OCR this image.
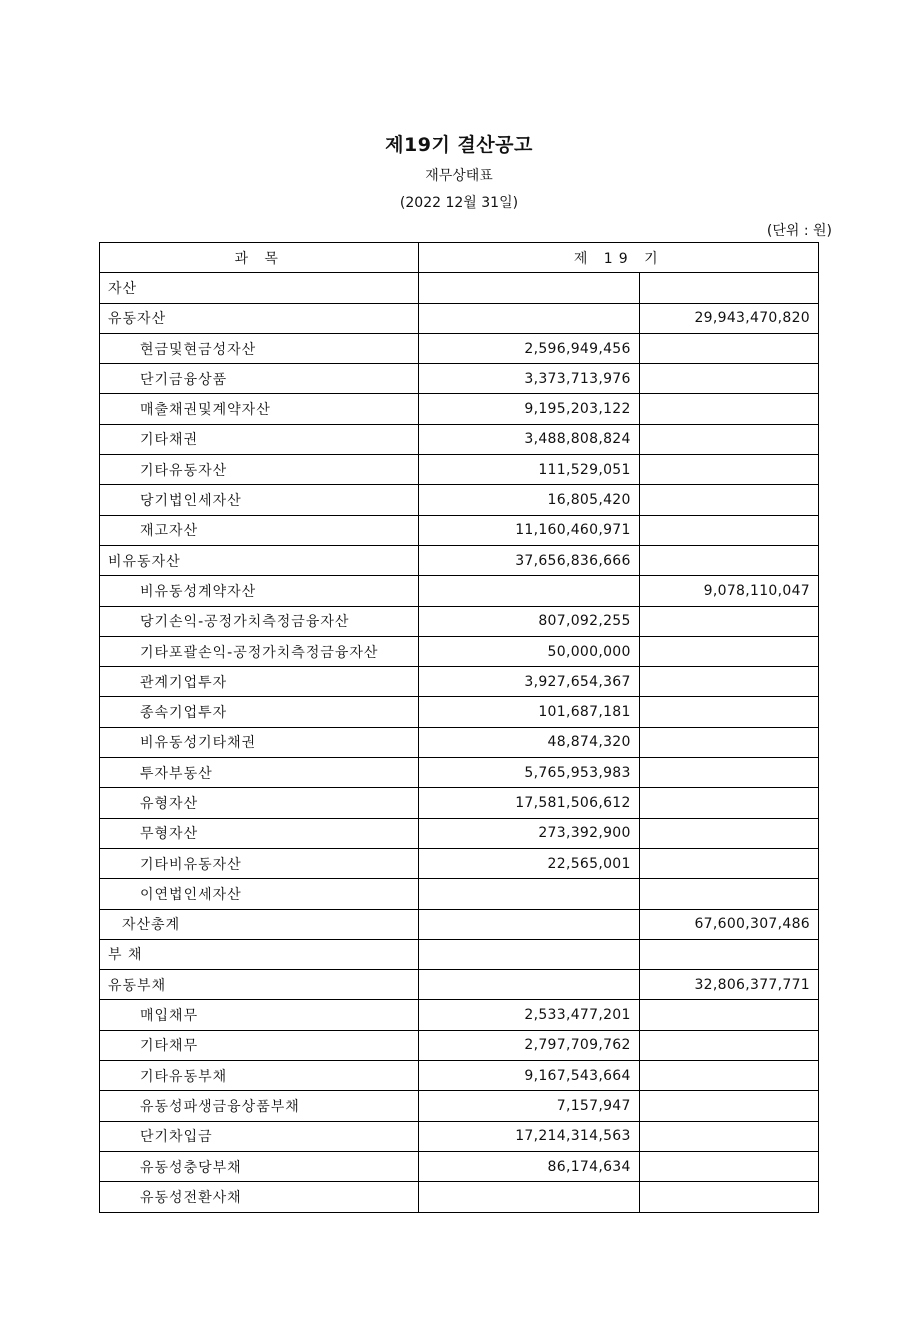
제19기 결산공고
재무상태표
(2022 12월 31일)
(단위 : 원)
과 목	제 19 기	
자산		
유동자산		29,943,470,820
현금및현금성자산	2,596,949,456	
단기금융상품	3,373,713,976	
매출채권및계약자산	9,195,203,122	
기타채권	3,488,808,824	
기타유동자산	111,529,051	
당기법인세자산	16,805,420	
재고자산	11,160,460,971	
비유동자산	37,656,836,666	
비유동성계약자산		9,078,110,047
당기손익-공정가치측정금융자산	807,092,255	
기타포괄손익-공정가치측정금융자산	50,000,000	
관계기업투자	3,927,654,367	
종속기업투자	101,687,181	
비유동성기타채권	48,874,320	
투자부동산	5,765,953,983	
유형자산	17,581,506,612	
무형자산	273,392,900	
기타비유동자산	22,565,001	
이연법인세자산		
자산총계		67,600,307,486
부 채		
유동부채		32,806,377,771
매입채무	2,533,477,201	
기타채무	2,797,709,762	
기타유동부채	9,167,543,664	
유동성파생금융상품부채	7,157,947	
단기차입금	17,214,314,563	
유동성충당부채	86,174,634	
유동성전환사채		
